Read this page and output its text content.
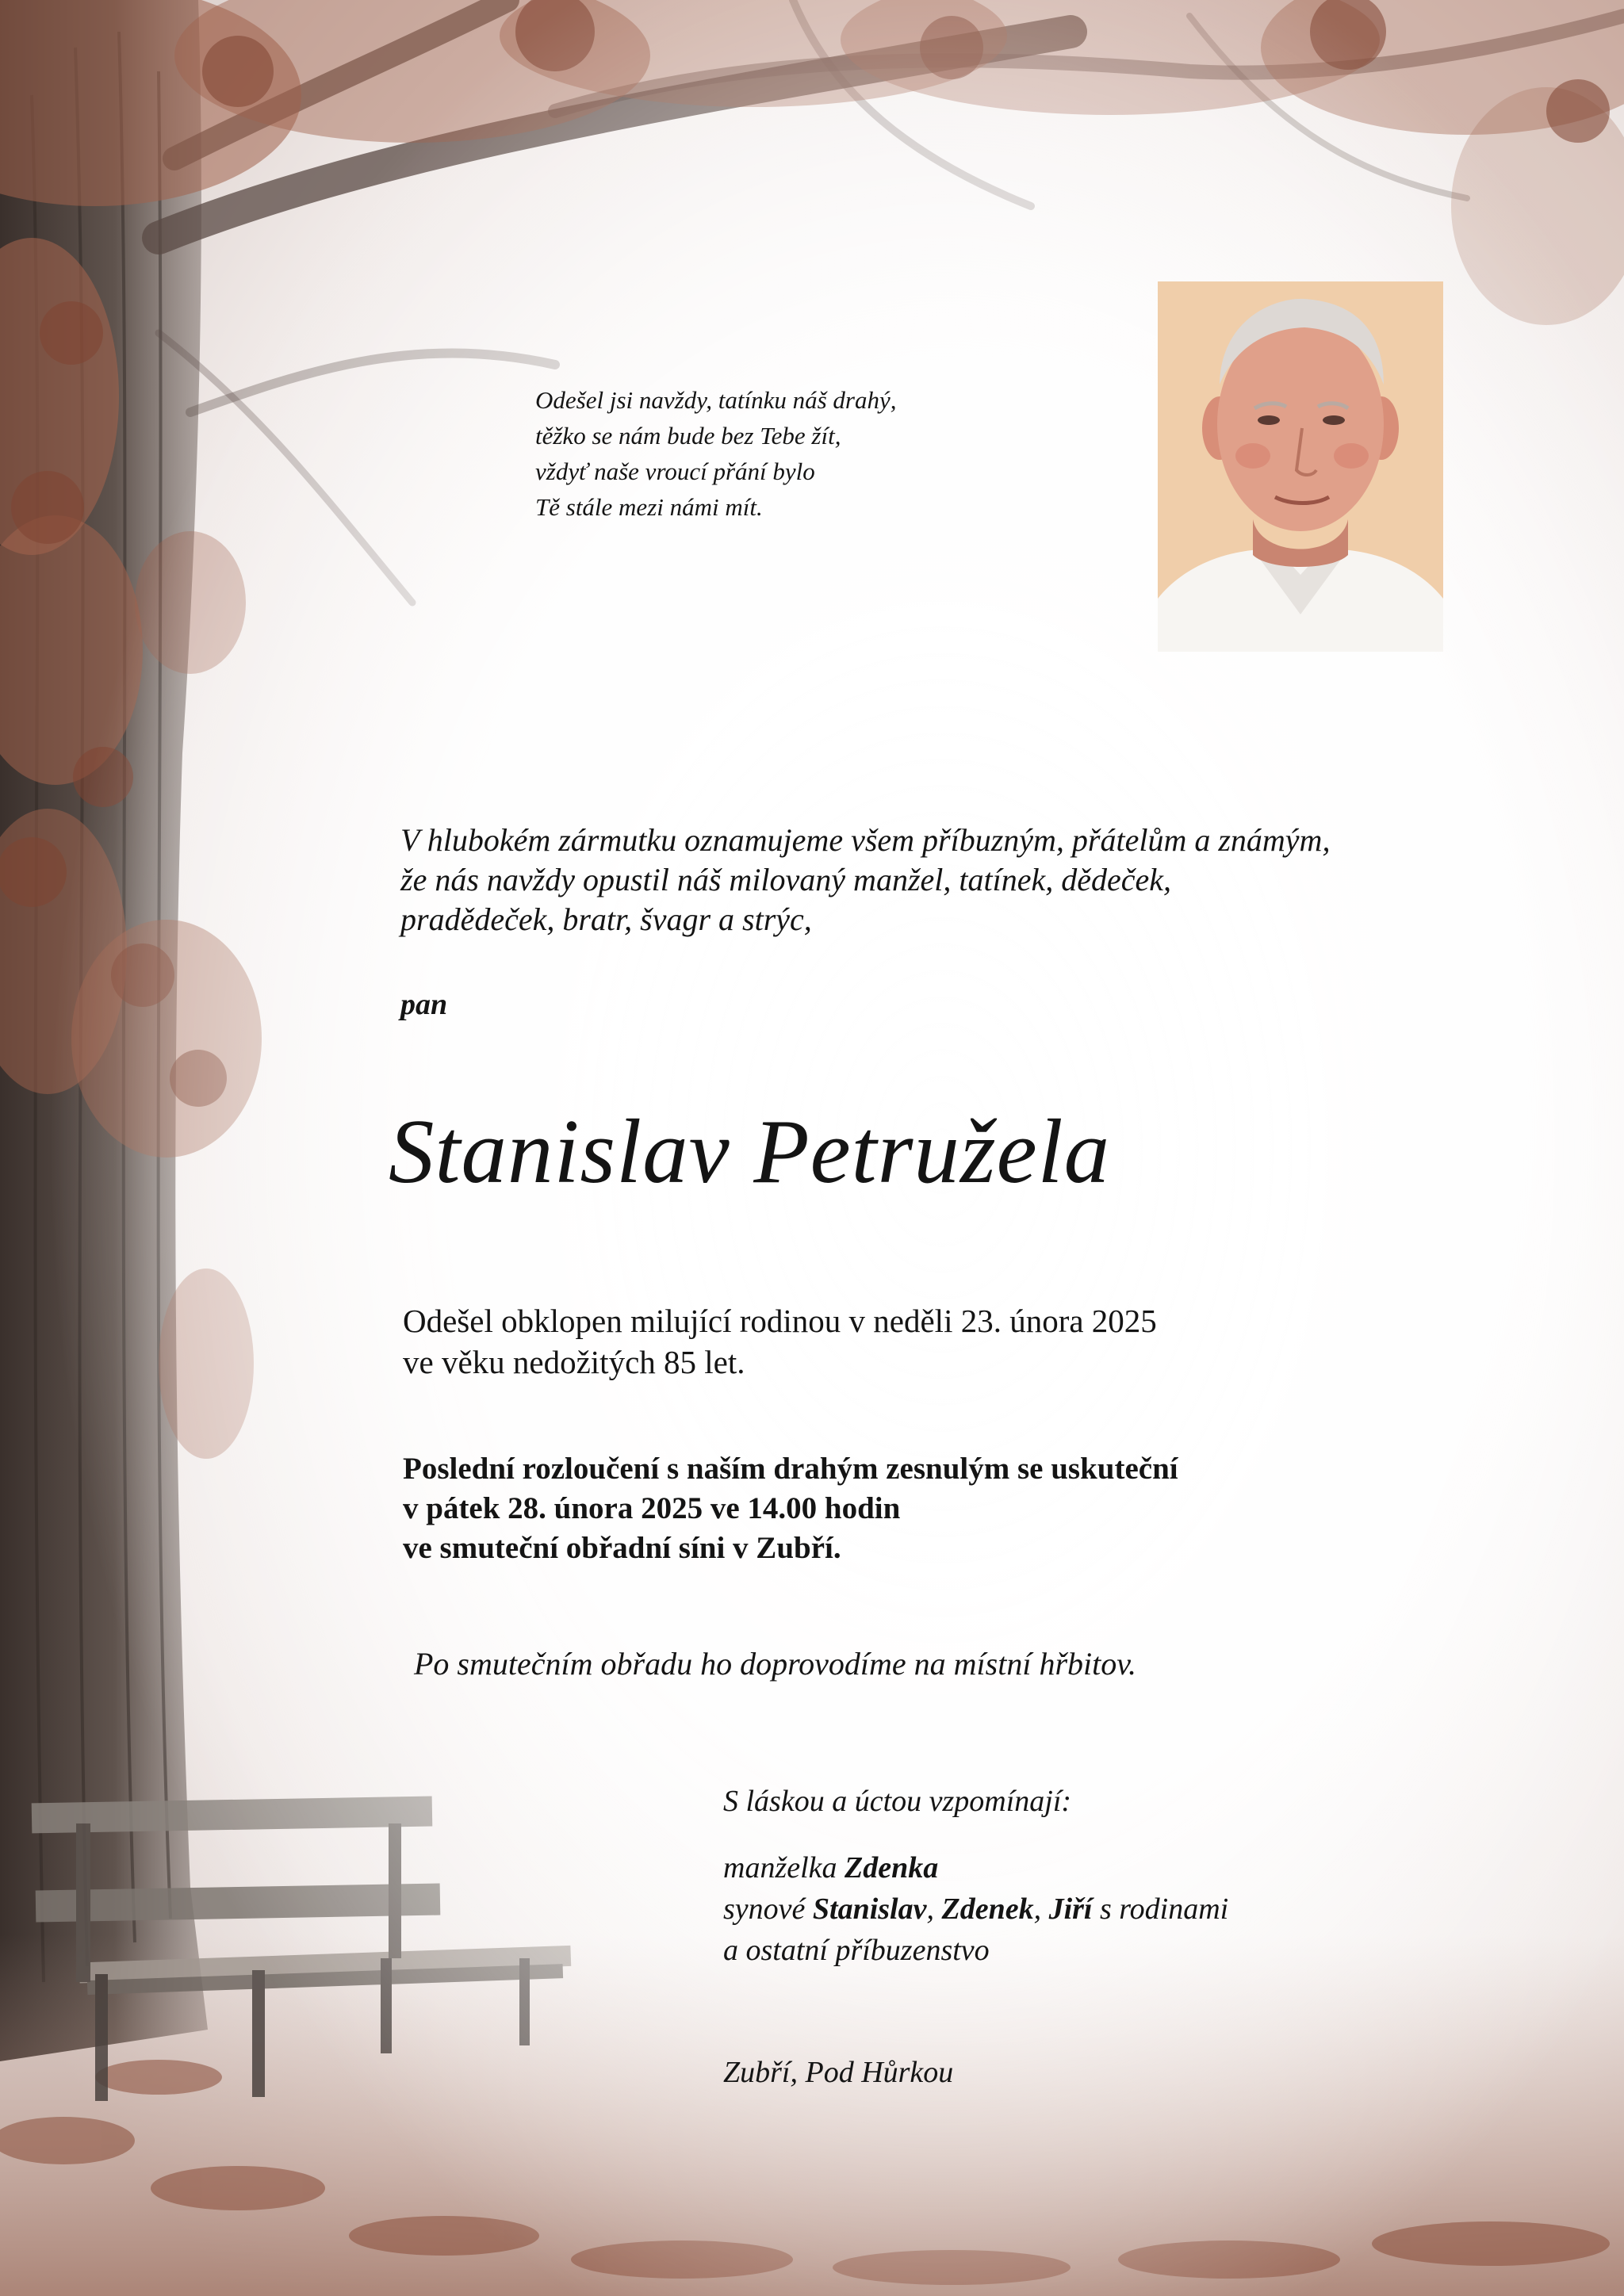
Odešel jsi navždy, tatínku náš drahý,
těžko se nám bude bez Tebe žít,
vždyť naše vroucí přání bylo
Tě stále mezi námi mít.
V hlubokém zármutku oznamujeme všem příbuzným, přátelům a známým,
že nás navždy opustil náš milovaný manžel, tatínek, dědeček,
pradědeček, bratr, švagr a strýc,
pan
Stanislav Petružela
Odešel obklopen milující rodinou v neděli 23. února 2025
ve věku nedožitých 85 let.
Poslední rozloučení s naším drahým zesnulým se uskuteční
v pátek 28. února 2025 ve 14.00 hodin
ve smuteční obřadní síni v Zubří.
Po smutečním obřadu ho doprovodíme na místní hřbitov.
S láskou a úctou vzpomínají:
manželka Zdenka
synové Stanislav, Zdenek, Jiří s rodinami
a ostatní příbuzenstvo
Zubří, Pod Hůrkou
